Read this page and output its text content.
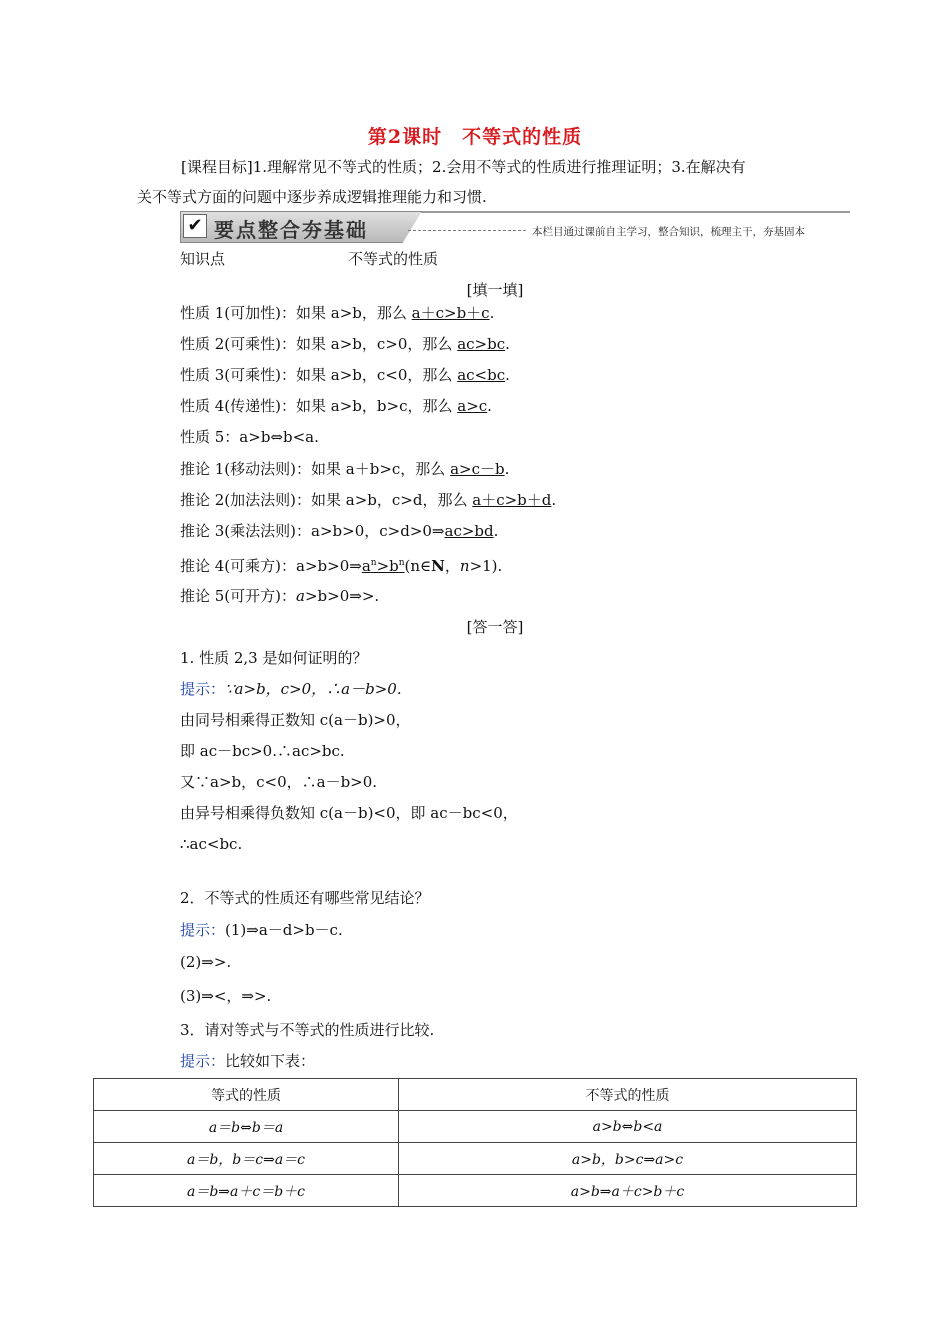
第2课时　不等式的性质
[课程目标]1.理解常见不等式的性质；2.会用不等式的性质进行推理证明；3.在解决有
关不等式方面的问题中逐步养成逻辑推理能力和习惯.
✔ 要点整合夯基础	本栏目通过课前自主学习，整合知识，梳理主干，夯基固本
知识点	不等式的性质
[填一填]
性质 1(可加性)：如果 a>b，那么 a＋c>b＋c.
性质 2(可乘性)：如果 a>b，c>0，那么 ac>bc.
性质 3(可乘性)：如果 a>b，c<0，那么 ac<bc.
性质 4(传递性)：如果 a>b，b>c，那么 a>c.
性质 5：a>b⇔b<a.
推论 1(移动法则)：如果 a＋b>c，那么 a>c－b.
推论 2(加法法则)：如果 a>b，c>d，那么 a＋c>b＋d.
推论 3(乘法法则)：a>b>0，c>d>0⇒ac>bd.
推论 4(可乘方)：$a>b>0\Rightarrow a^n>b^n(n\in N$，n>1).
推论 5(可开方)：a>b>0⇒>.
[答一答]
1. 性质 2,3 是如何证明的？
提示：∵a>b，c>0，∴a－b>0.
由同号相乘得正数知 c(a－b)>0，
即 ac－bc>0.∴ac>bc.
又∵a>b，c<0，∴a－b>0.
由异号相乘得负数知 c(a－b)<0，即 ac－bc<0，
∴ac<bc.
2．不等式的性质还有哪些常见结论？
提示：(1)⇒a－d>b－c.
(2)⇒>.
(3)⇒<，⇒>.
3．请对等式与不等式的性质进行比较.
提示：比较如下表：
等式的性质	不等式的性质
a＝b⇔b＝a	a>b⇔b<a
a＝b，b＝c⇒a＝c	a>b，b>c⇒a>c
a＝b⇒a＋c＝b＋c	a>b⇒a＋c>b＋c
